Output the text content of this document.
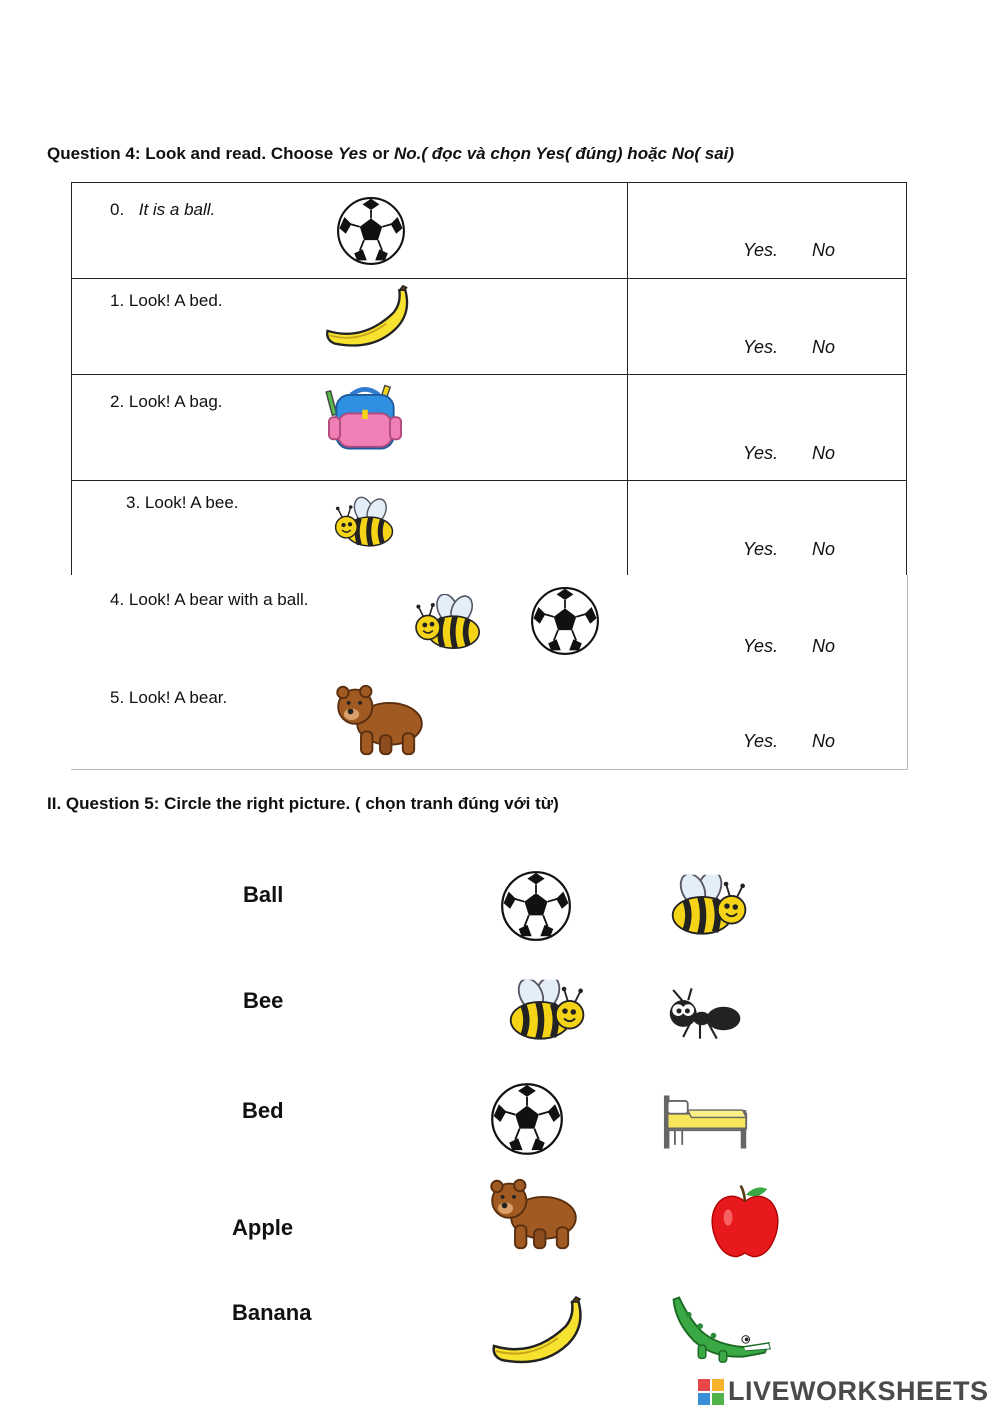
Question 4: Look and read. Choose Yes or No.( đọc và chọn Yes( đúng) hoặc No( sai)
0. It is a ball.
Yes. No
1. Look! A bed.
Yes. No
2. Look! A bag.
Yes. No
3. Look! A bee.
Yes. No
4. Look! A bear with a ball.
Yes. No
5. Look! A bear.
Yes. No
II. Question 5: Circle the right picture. ( chọn tranh đúng với từ)
Ball
Bee
Bed
Apple
Banana
LIVEWORKSHEETS
